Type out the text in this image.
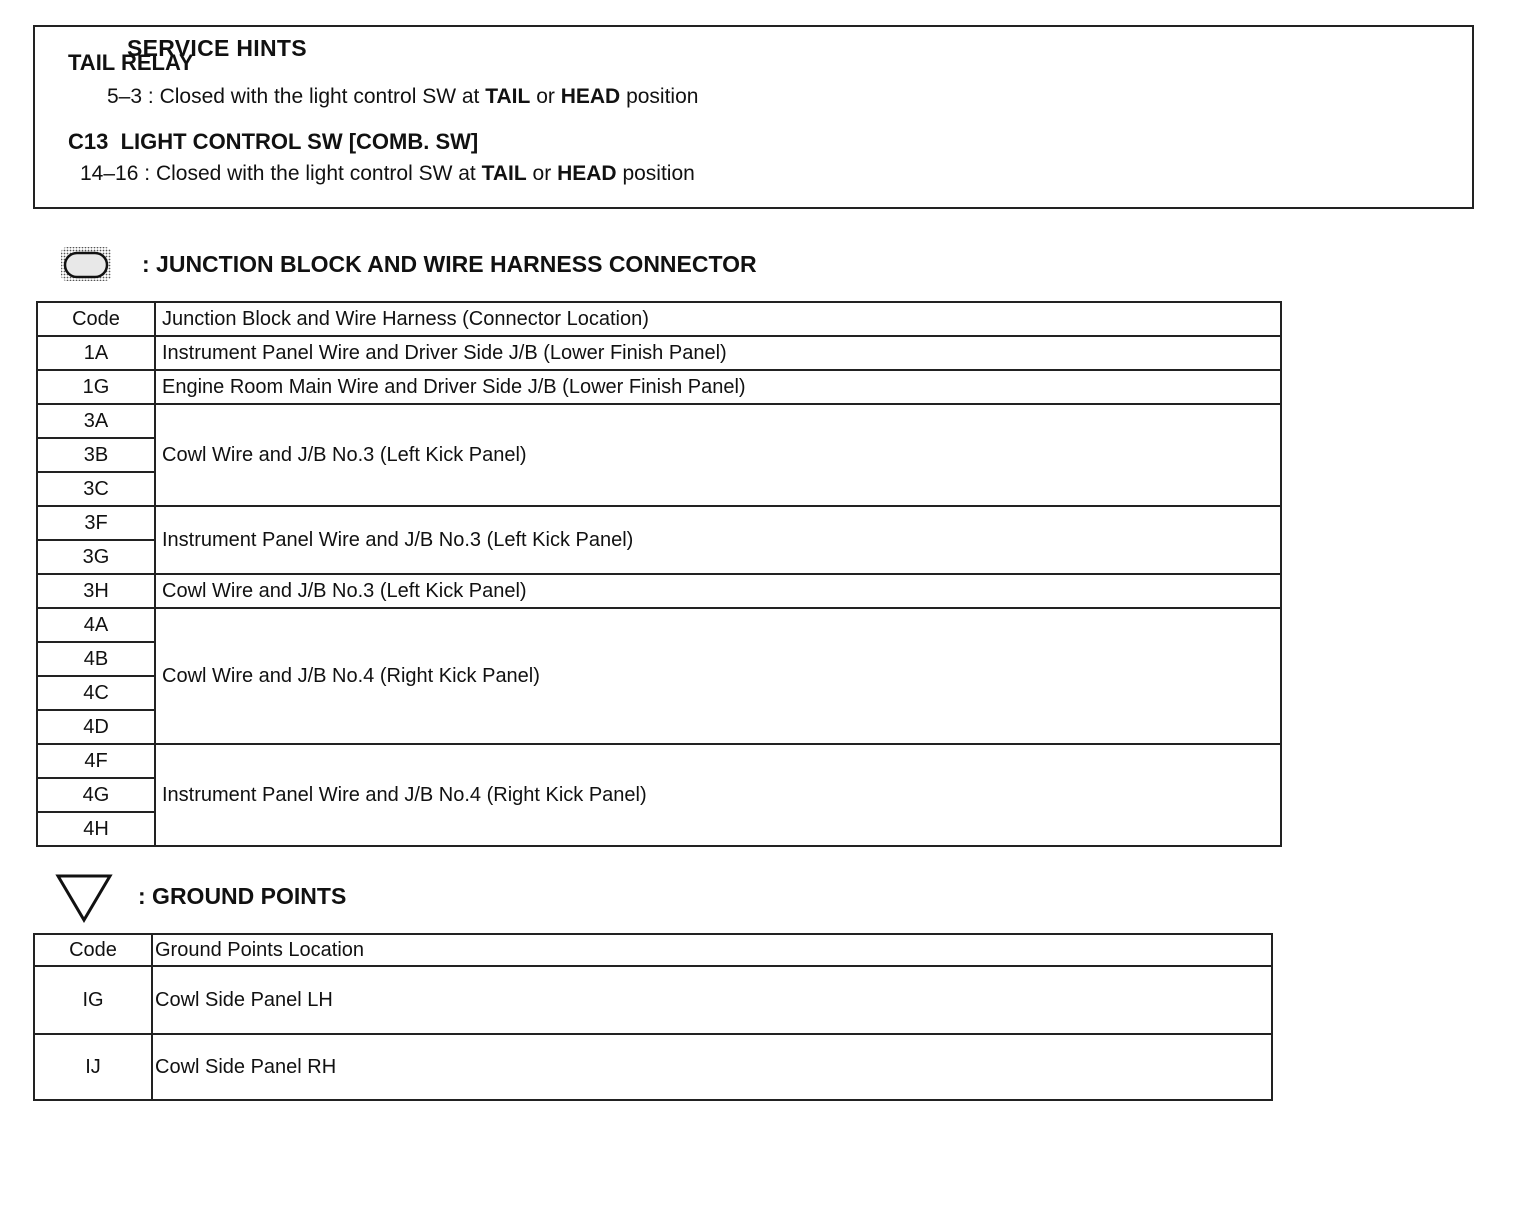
SERVICE HINTS
TAIL RELAY
5–3 : Closed with the light control SW at TAIL or HEAD position
C13  LIGHT CONTROL SW [COMB. SW]
14–16 : Closed with the light control SW at TAIL or HEAD position
: JUNCTION BLOCK AND WIRE HARNESS CONNECTOR
Code	Junction Block and Wire Harness (Connector Location)
1A	Instrument Panel Wire and Driver Side J/B (Lower Finish Panel)
1G	Engine Room Main Wire and Driver Side J/B (Lower Finish Panel)
3A	Cowl Wire and J/B No.3 (Left Kick Panel)
3B	
3C	
3F	Instrument Panel Wire and J/B No.3 (Left Kick Panel)
3G	
3H	Cowl Wire and J/B No.3 (Left Kick Panel)
4A	Cowl Wire and J/B No.4 (Right Kick Panel)
4B	
4C	
4D	
4F	Instrument Panel Wire and J/B No.4 (Right Kick Panel)
4G	
4H	
: GROUND POINTS
Code	Ground Points Location
IG	Cowl Side Panel LH
IJ	Cowl Side Panel RH
